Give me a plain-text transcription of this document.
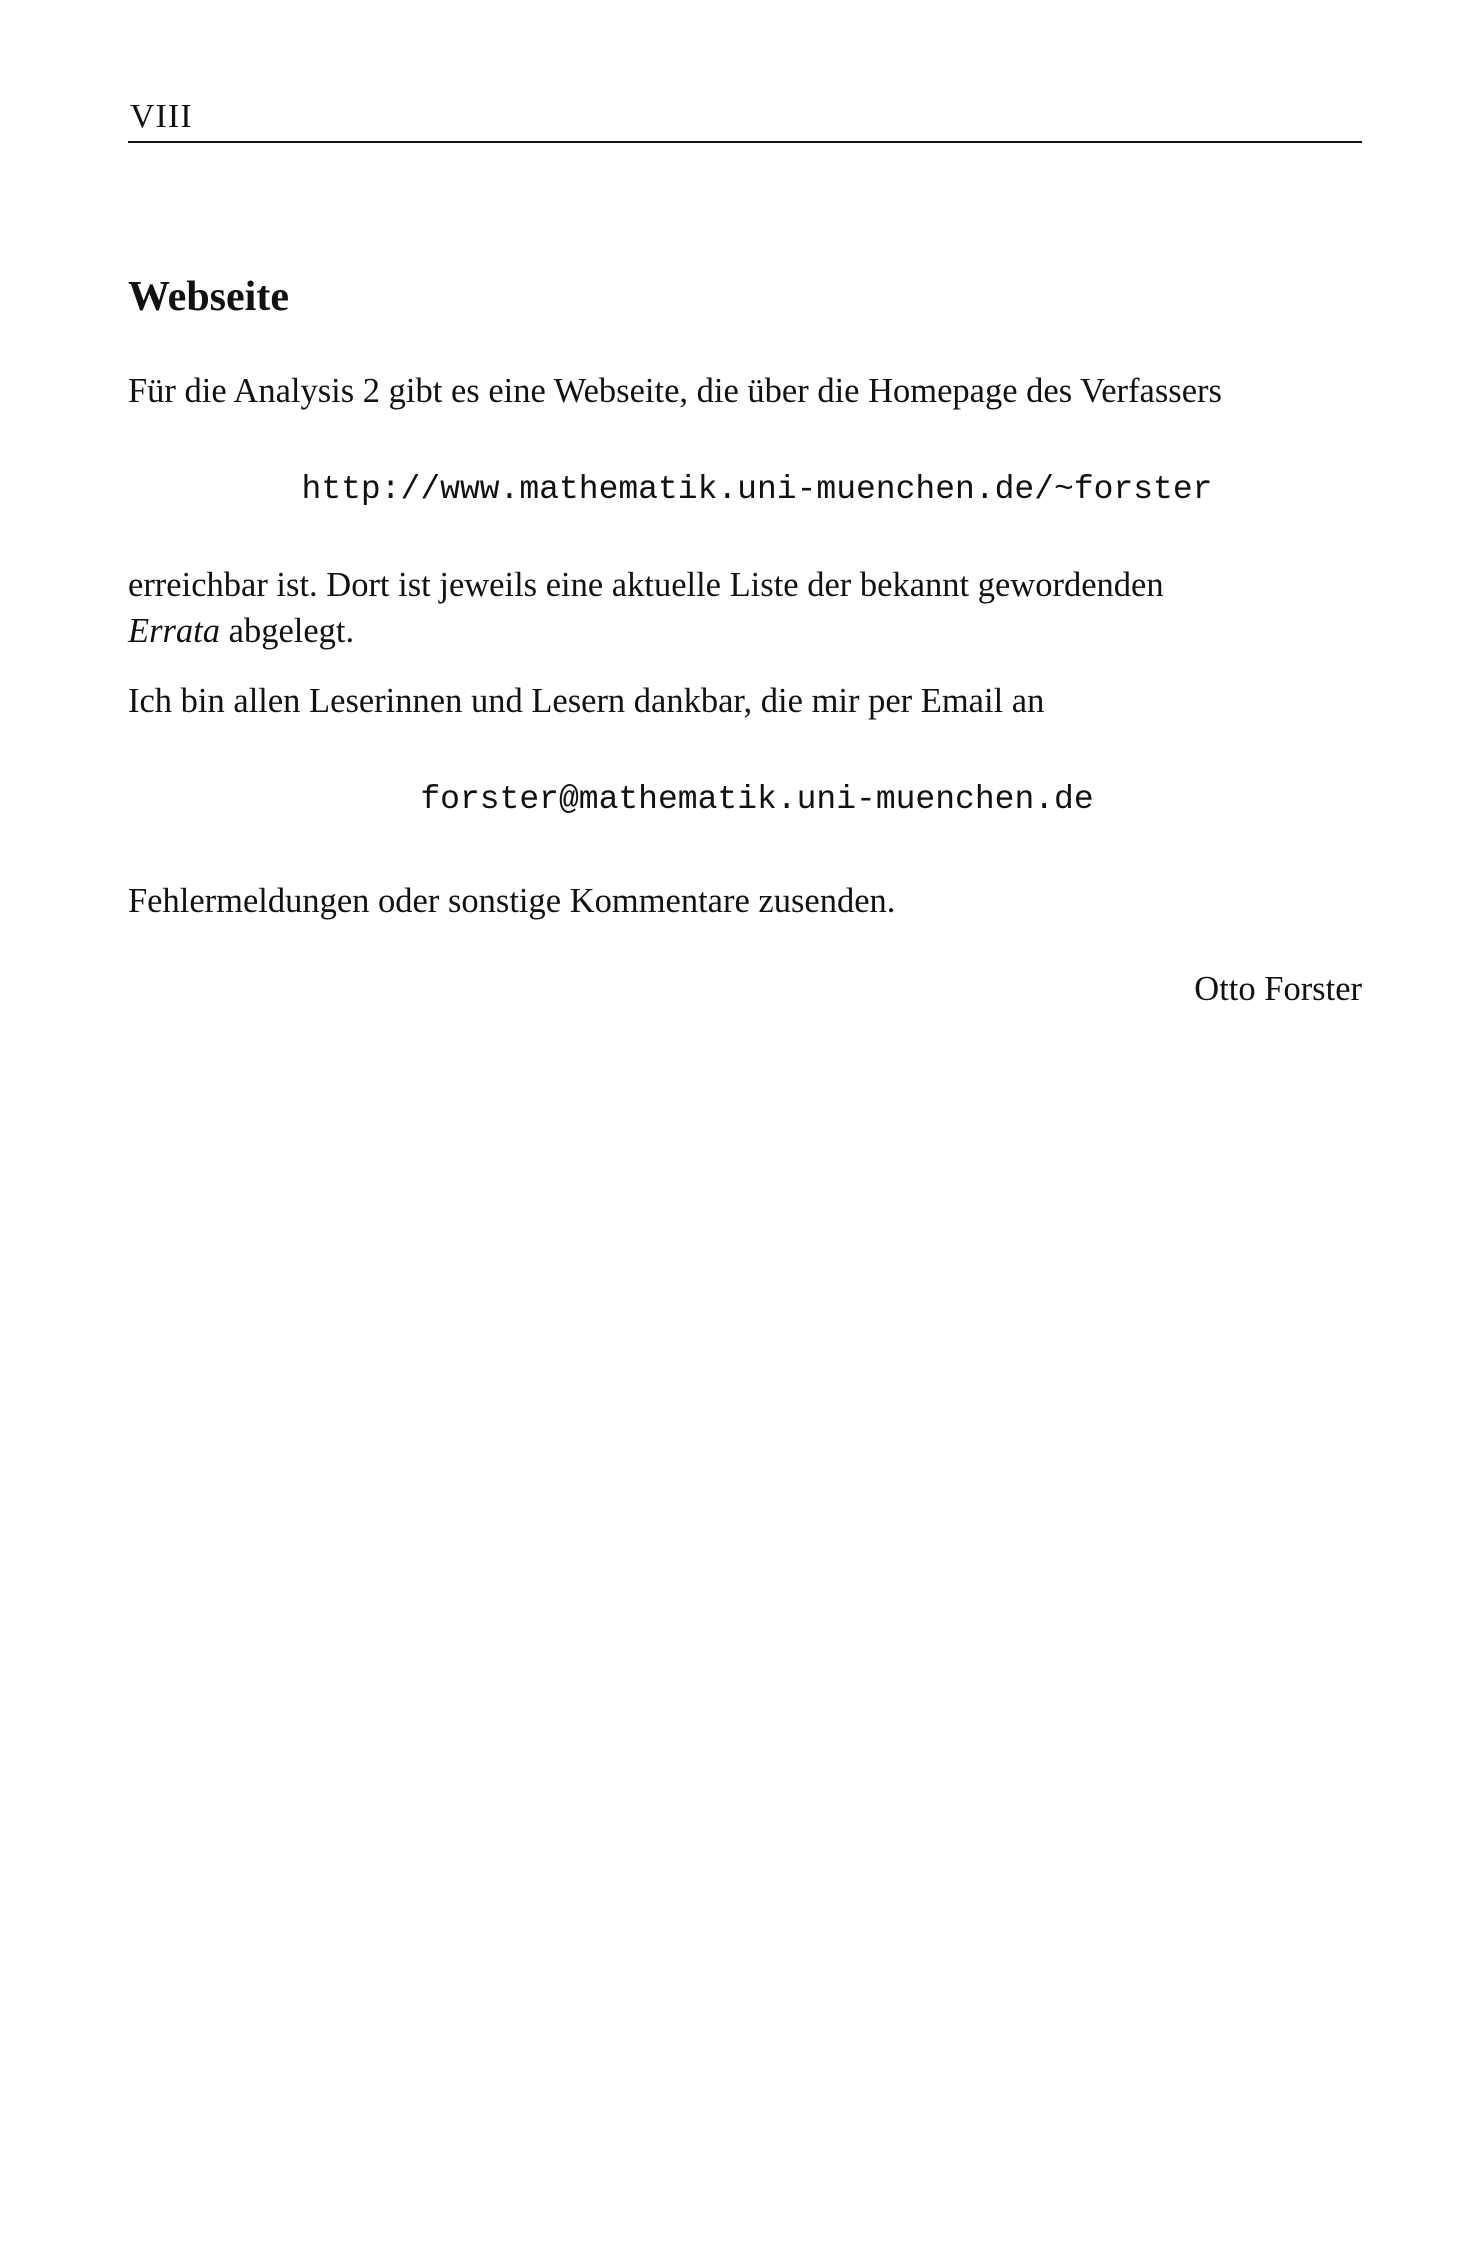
VIII
Webseite

Für die Analysis 2 gibt es eine Webseite, die über die Homepage des Verfassers

http://www.mathematik.uni-muenchen.de/~forster

erreichbar ist. Dort ist jeweils eine aktuelle Liste der bekannt gewordenden
Errata abgelegt.

Ich bin allen Leserinnen und Lesern dankbar, die mir per Email an

forster@mathematik.uni-muenchen.de

Fehlermeldungen oder sonstige Kommentare zusenden.

Otto Forster
